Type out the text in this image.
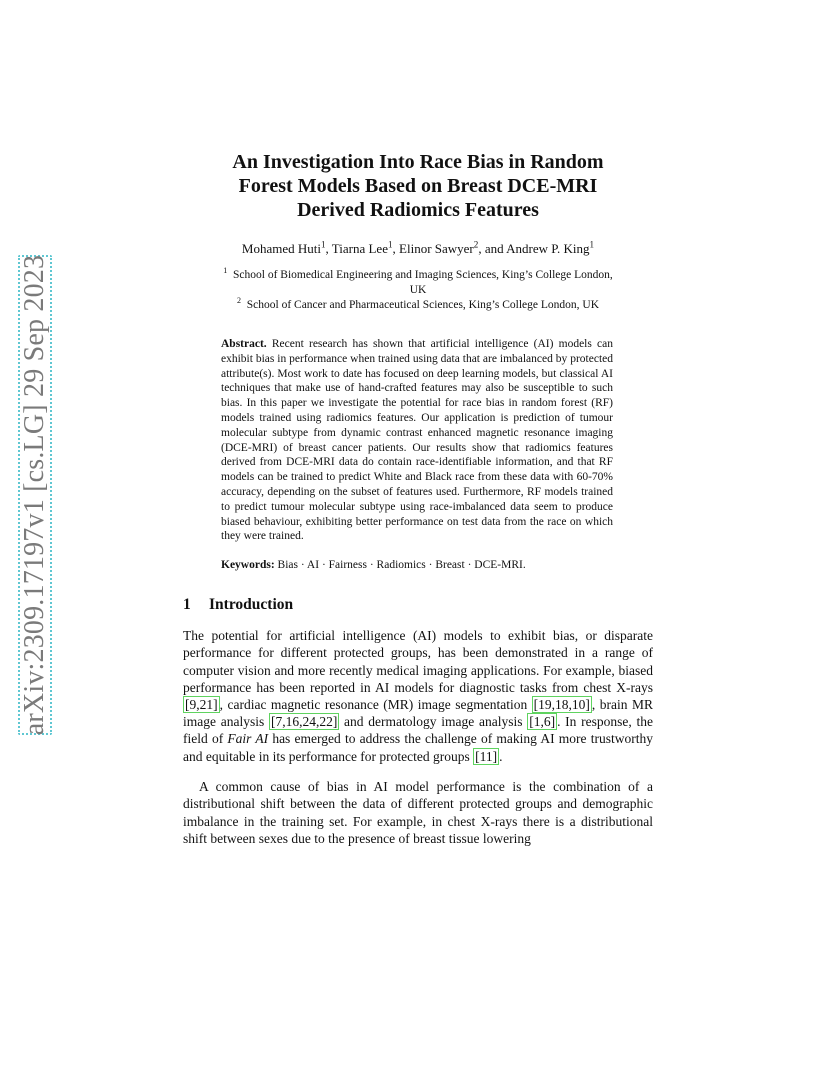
arXiv:2309.17197v1 [cs.LG] 29 Sep 2023
An Investigation Into Race Bias in Random
Forest Models Based on Breast DCE-MRI
Derived Radiomics Features
Mohamed Huti$^1$, Tiarna Lee$^1$, Elinor Sawyer$^2$, and Andrew P. King$^1$
$^1$ School of Biomedical Engineering and Imaging Sciences, King’s College London,
UK
$^2$ School of Cancer and Pharmaceutical Sciences, King’s College London, UK
Abstract. Recent research has shown that artificial intelligence (AI) models can exhibit bias in performance when trained using data that are imbalanced by protected attribute(s). Most work to date has focused on deep learning models, but classical AI techniques that make use of hand-crafted features may also be susceptible to such bias. In this paper we investigate the potential for race bias in random forest (RF) models trained using radiomics features. Our application is prediction of tumour molecular subtype from dynamic contrast enhanced magnetic resonance imaging (DCE-MRI) of breast cancer patients. Our results show that radiomics features derived from DCE-MRI data do contain race-identifiable information, and that RF models can be trained to predict White and Black race from these data with 60-70% accuracy, depending on the subset of features used. Furthermore, RF models trained to predict tumour molecular subtype using race-imbalanced data seem to produce biased behaviour, exhibiting better performance on test data from the race on which they were trained.
Keywords: Bias · AI · Fairness · Radiomics · Breast · DCE-MRI.
1 Introduction

The potential for artificial intelligence (AI) models to exhibit bias, or disparate performance for different protected groups, has been demonstrated in a range of computer vision and more recently medical imaging applications. For example, biased performance has been reported in AI models for diagnostic tasks from chest X-rays [9,21] , cardiac magnetic resonance (MR) image segmentation [19,18,10] , brain MR image analysis [7,16,24,22] and dermatology image analysis [1,6] . In response, the field of Fair AI has emerged to address the challenge of making AI more trustworthy and equitable in its performance for protected groups [11] .

A common cause of bias in AI model performance is the combination of a distributional shift between the data of different protected groups and demographic imbalance in the training set. For example, in chest X-rays there is a distributional shift between sexes due to the presence of breast tissue lowering
